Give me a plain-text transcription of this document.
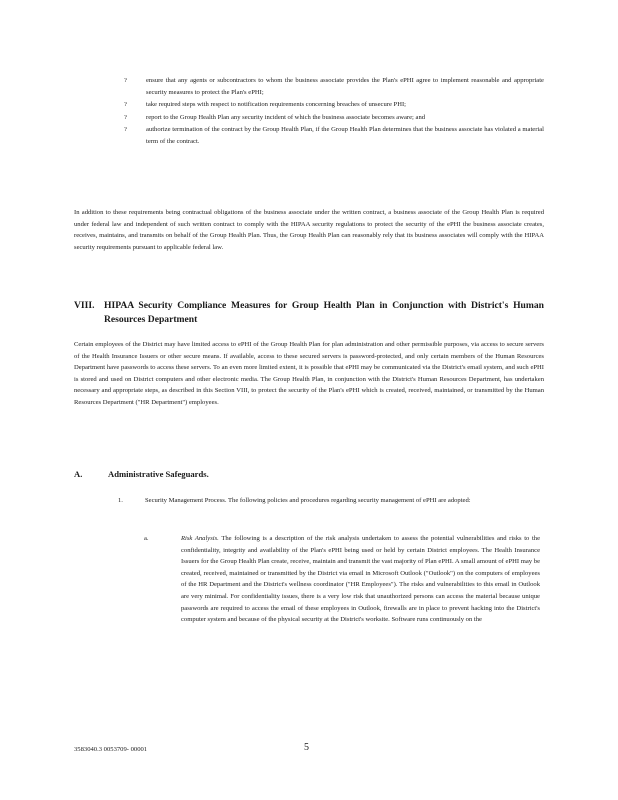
?	ensure that any agents or subcontractors to whom the business associate provides the Plan's ePHI agree to implement reasonable and appropriate security measures to protect the Plan's ePHI;
?	take required steps with respect to notification requirements concerning breaches of unsecure PHI;
?	report to the Group Health Plan any security incident of which the business associate becomes aware; and
?	authorize termination of the contract by the Group Health Plan, if the Group Health Plan determines that the business associate has violated a material term of the contract.
In addition to these requirements being contractual obligations of the business associate under the written contract, a business associate of the Group Health Plan is required under federal law and independent of such written contract to comply with the HIPAA security regulations to protect the security of the ePHI the business associate creates, receives, maintains, and transmits on behalf of the Group Health Plan. Thus, the Group Health Plan can reasonably rely that its business associates will comply with the HIPAA security requirements pursuant to applicable federal law.
VIII. HIPAA Security Compliance Measures for Group Health Plan in Conjunction with District's Human Resources Department
Certain employees of the District may have limited access to ePHI of the Group Health Plan for plan administration and other permissible purposes, via access to secure servers of the Health Insurance Issuers or other secure means. If available, access to these secured servers is password-protected, and only certain members of the Human Resources Department have passwords to access these servers. To an even more limited extent, it is possible that ePHI may be communicated via the District's email system, and such ePHI is stored and used on District computers and other electronic media. The Group Health Plan, in conjunction with the District's Human Resources Department, has undertaken necessary and appropriate steps, as described in this Section VIII, to protect the security of the Plan's ePHI which is created, received, maintained, or transmitted by the Human Resources Department ("HR Department") employees.
A.	Administrative Safeguards.
1.	Security Management Process. The following policies and procedures regarding security management of ePHI are adopted:
a.	Risk Analysis. The following is a description of the risk analysis undertaken to assess the potential vulnerabilities and risks to the confidentiality, integrity and availability of the Plan's ePHI being used or held by certain District employees. The Health Insurance Issuers for the Group Health Plan create, receive, maintain and transmit the vast majority of Plan ePHI. A small amount of ePHI may be created, received, maintained or transmitted by the District via email in Microsoft Outlook ("Outlook") on the computers of employees of the HR Department and the District's wellness coordinator ("HR Employees"). The risks and vulnerabilities to this email in Outlook are very minimal. For confidentiality issues, there is a very low risk that unauthorized persons can access the material because unique passwords are required to access the email of these employees in Outlook, firewalls are in place to prevent hacking into the District's computer system and because of the physical security at the District's worksite. Software runs continuously on the
3583040.3 0053709- 00001	5
